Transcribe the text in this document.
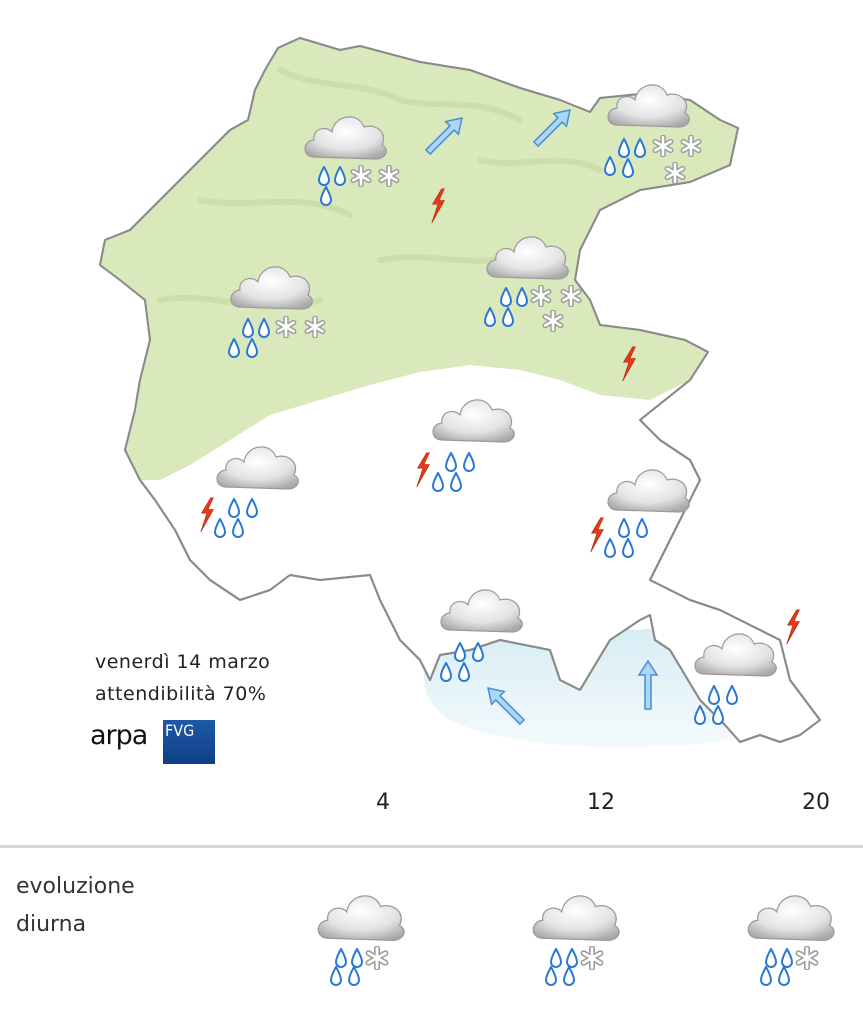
venerdì 14 marzo
attendibilità 70%
arpa FVG
4	12	20
evoluzione
diurna
